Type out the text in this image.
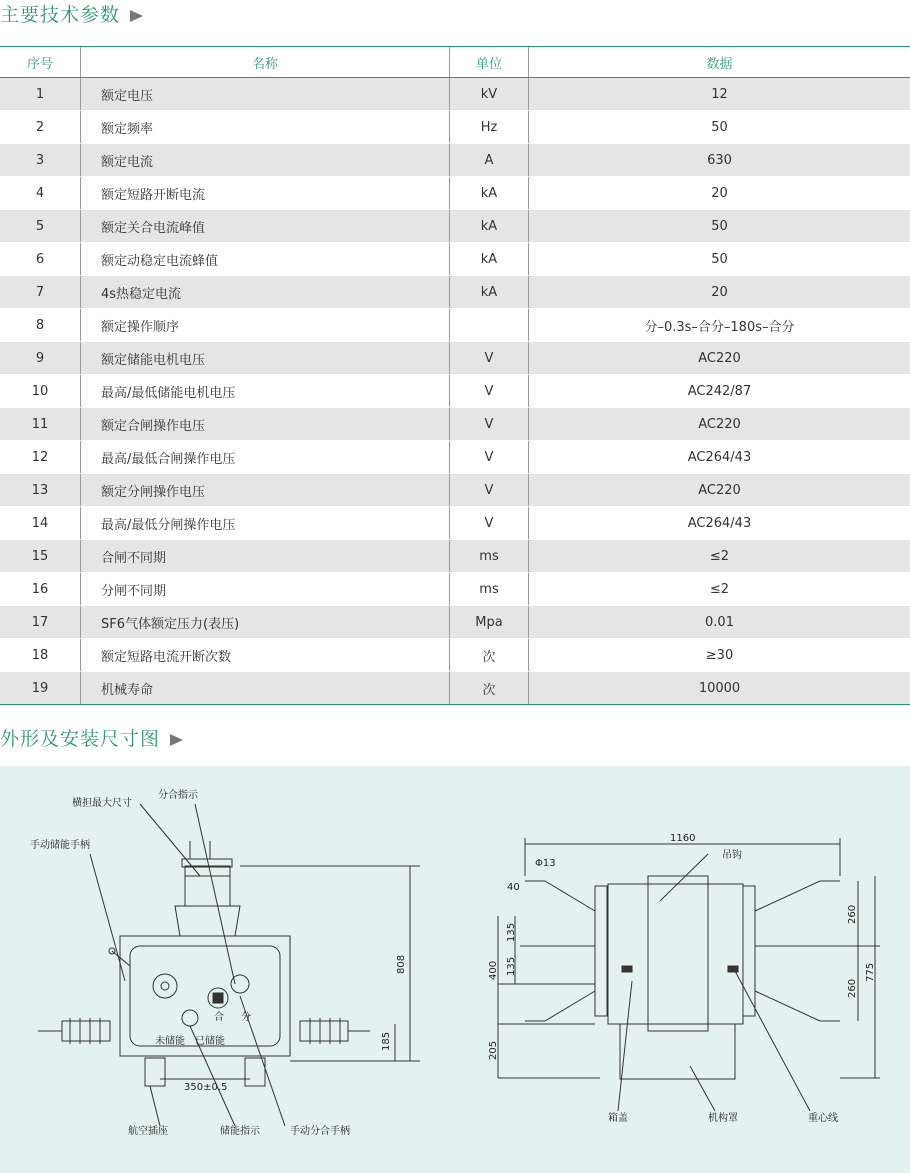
主要技术参数
序号	名称	单位	数据
1	额定电压	kV	12
2	额定频率	Hz	50
3	额定电流	A	630
4	额定短路开断电流	kA	20
5	额定关合电流峰值	kA	50
6	额定动稳定电流蜂值	kA	50
7	4s热稳定电流	kA	20
8	额定操作顺序		分–0.3s–合分–180s–合分
9	额定储能电机电压	V	AC220
10	最高/最低储能电机电压	V	AC242/87
11	额定合闸操作电压	V	AC220
12	最高/最低合闸操作电压	V	AC264/43
13	额定分闸操作电压	V	AC220
14	最高/最低分闸操作电压	V	AC264/43
15	合闸不同期	ms	≤2
16	分闸不同期	ms	≤2
17	SF6气体额定压力(表压)	Mpa	0.01
18	额定短路电流开断次数	次	≥30
19	机械寿命	次	10000
外形及安装尺寸图
横担最大尺寸
分合指示
手动储能手柄
808
185
350±0.5
未储能 已储能
合 分
航空插座	储能指示	手动分合手柄
1160
Φ13
40
吊钩
135
135
400
205
260
260
775
箱盖	机构罩	重心线
